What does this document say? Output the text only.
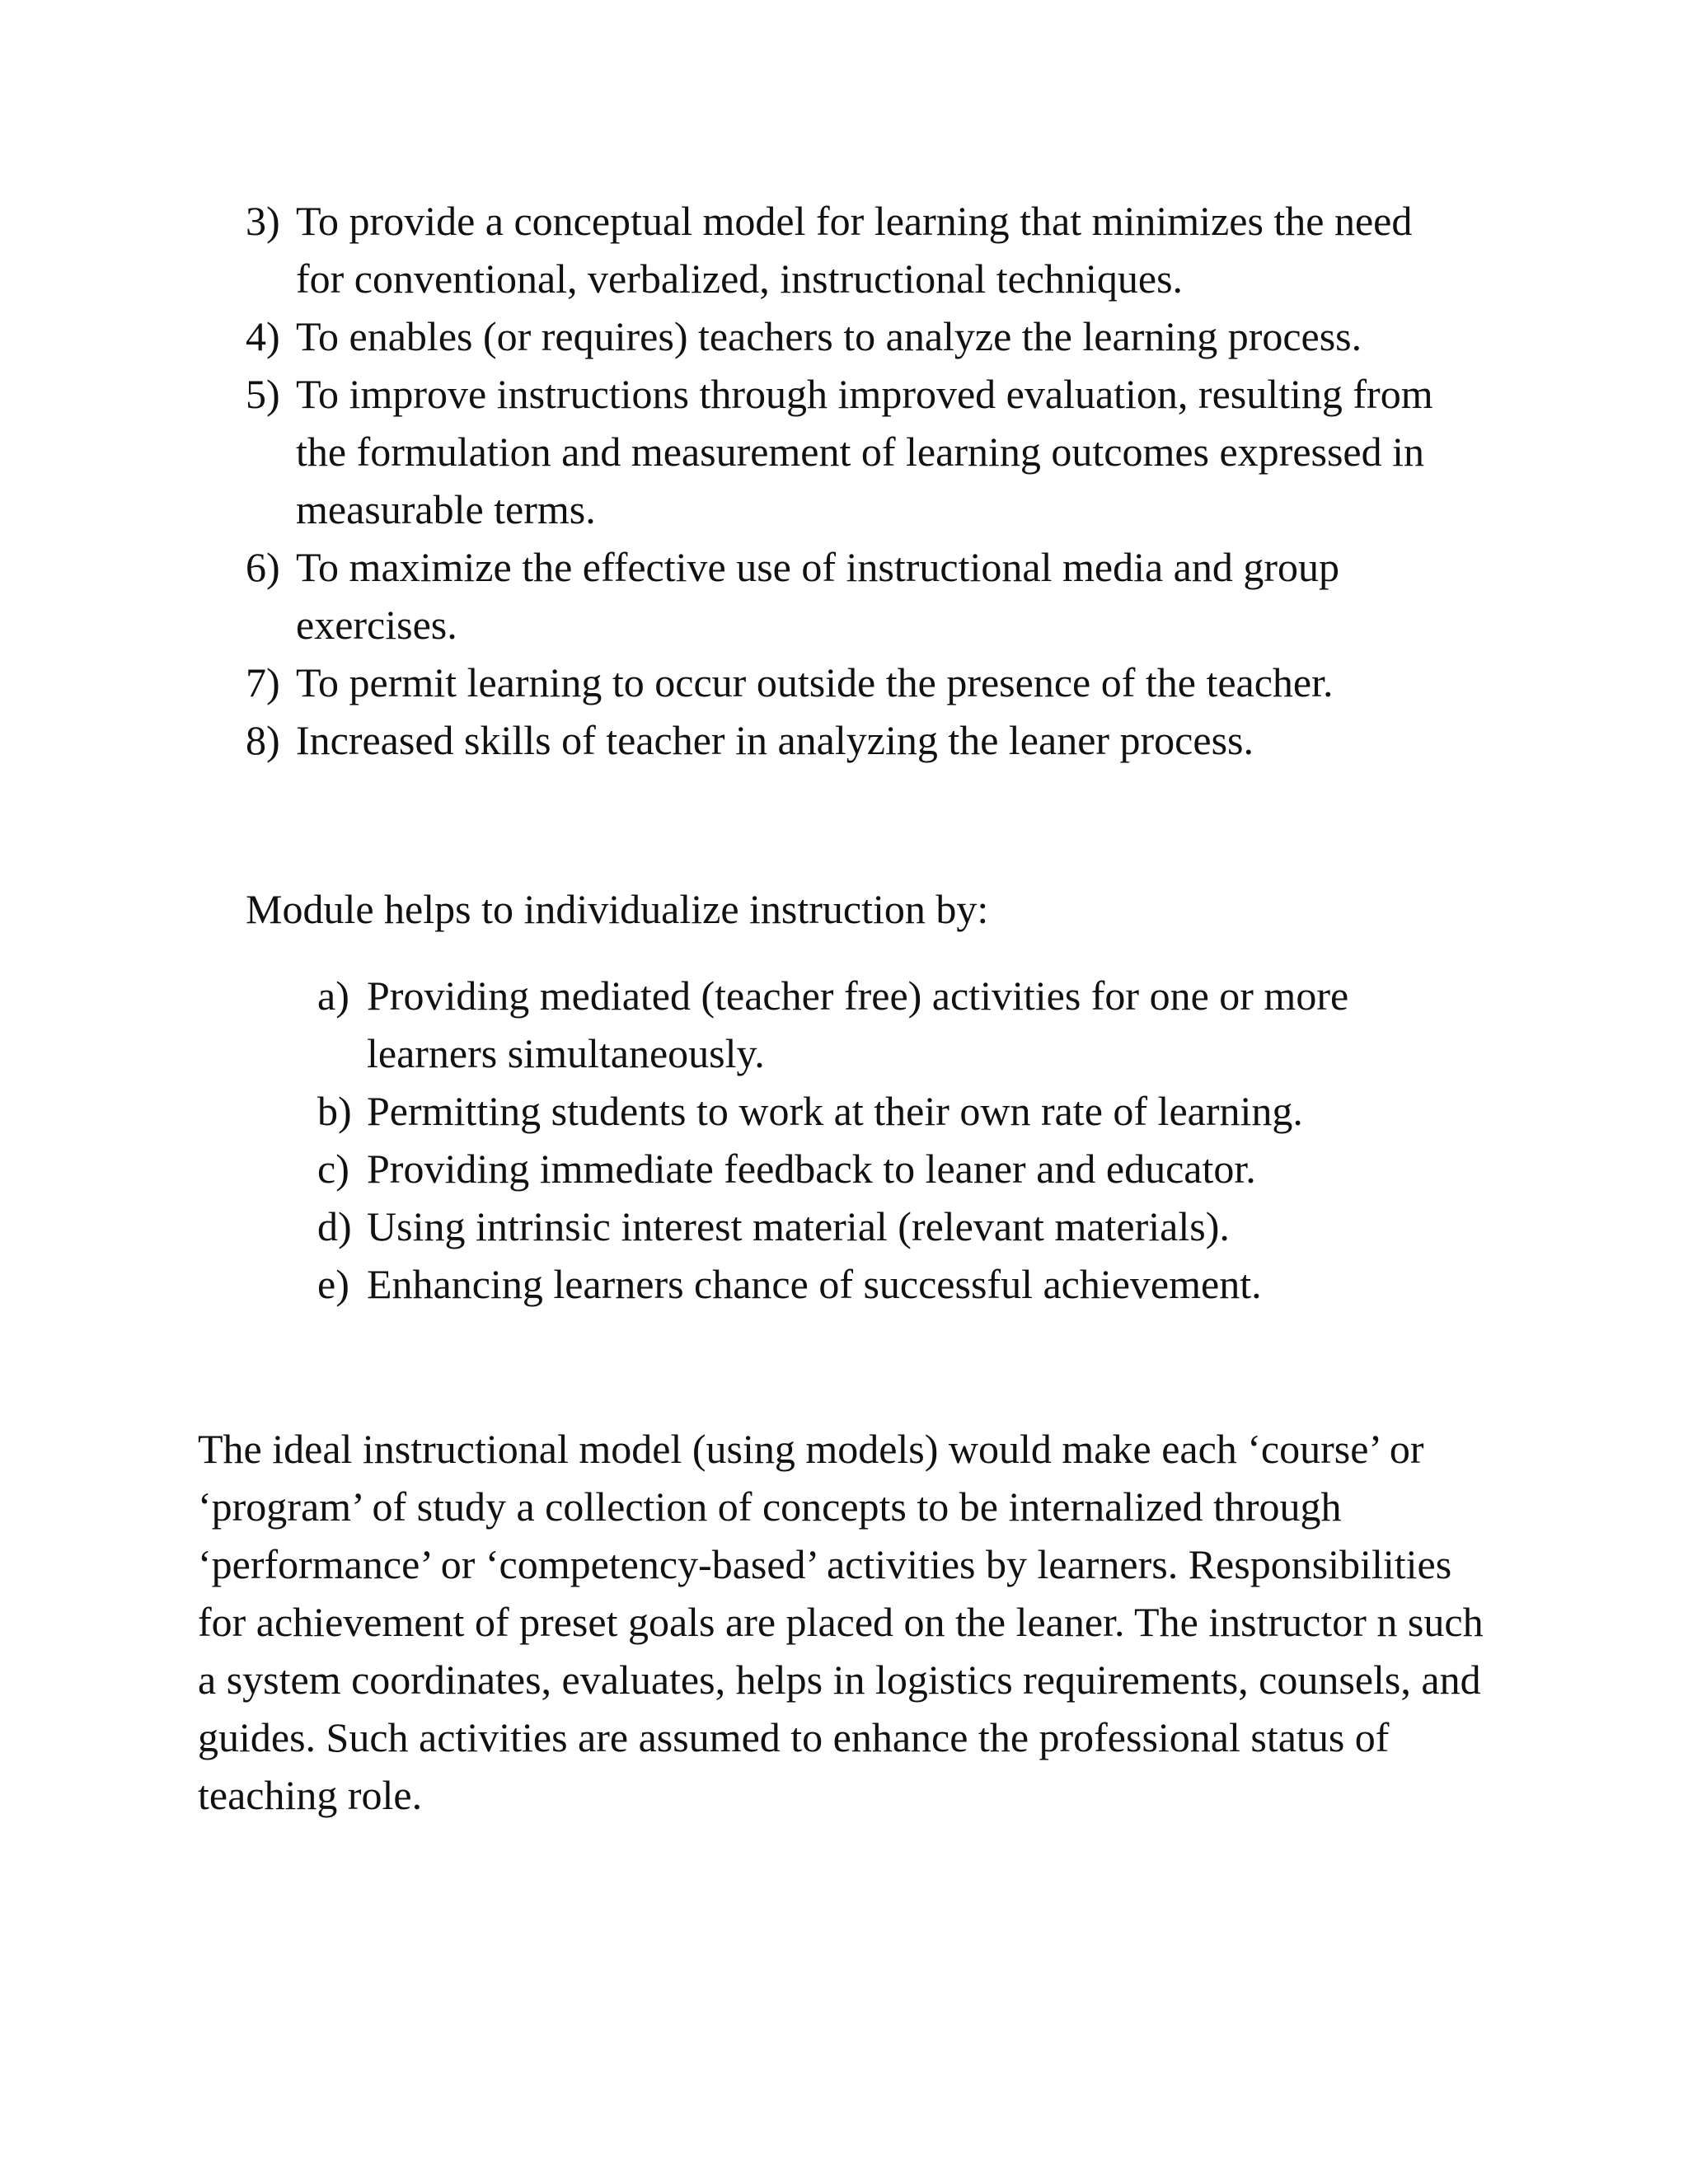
3) To provide a conceptual model for learning that minimizes the need for conventional, verbalized, instructional techniques.
4) To enables (or requires) teachers to analyze the learning process.
5) To improve instructions through improved evaluation, resulting from the formulation and measurement of learning outcomes expressed in measurable terms.
6) To maximize the effective use of instructional media and group exercises.
7) To permit learning to occur outside the presence of the teacher.
8) Increased skills of teacher in analyzing the leaner process.

Module helps to individualize instruction by:

a) Providing mediated (teacher free) activities for one or more learners simultaneously.
b) Permitting students to work at their own rate of learning.
c) Providing immediate feedback to leaner and educator.
d) Using intrinsic interest material (relevant materials).
e) Enhancing learners chance of successful achievement.

The ideal instructional model (using models) would make each ‘course’ or ‘program’ of study a collection of concepts to be internalized through ‘performance’ or ‘competency-based’ activities by learners. Responsibilities for achievement of preset goals are placed on the leaner. The instructor n such a system coordinates, evaluates, helps in logistics requirements, counsels, and guides. Such activities are assumed to enhance the professional status of teaching role.
